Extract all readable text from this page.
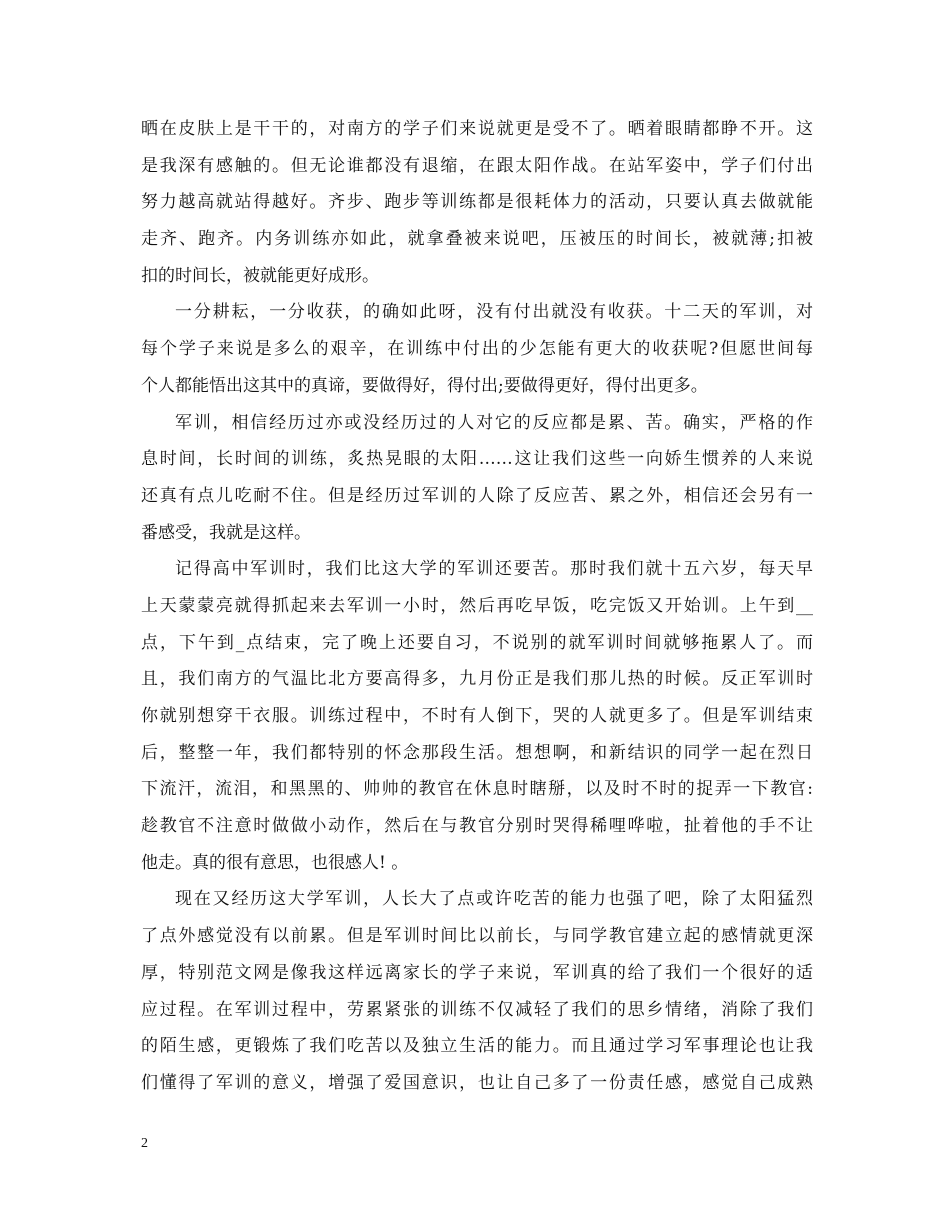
晒在皮肤上是干干的，对南方的学子们来说就更是受不了。晒着眼睛都睁不开。这
是我深有感触的。但无论谁都没有退缩，在跟太阳作战。在站军姿中，学子们付出
努力越高就站得越好。齐步、跑步等训练都是很耗体力的活动，只要认真去做就能
走齐、跑齐。内务训练亦如此，就拿叠被来说吧，压被压的时间长，被就薄;扣被
扣的时间长，被就能更好成形。
一分耕耘，一分收获，的确如此呀，没有付出就没有收获。十二天的军训，对
每个学子来说是多么的艰辛，在训练中付出的少怎能有更大的收获呢?但愿世间每
个人都能悟出这其中的真谛，要做得好，得付出;要做得更好，得付出更多。
军训，相信经历过亦或没经历过的人对它的反应都是累、苦。确实，严格的作
息时间，长时间的训练，炙热晃眼的太阳……这让我们这些一向娇生惯养的人来说
还真有点儿吃耐不住。但是经历过军训的人除了反应苦、累之外，相信还会另有一
番感受，我就是这样。
记得高中军训时，我们比这大学的军训还要苦。那时我们就十五六岁，每天早
上天蒙蒙亮就得抓起来去军训一小时，然后再吃早饭，吃完饭又开始训。上午到__
点，下午到_点结束，完了晚上还要自习，不说别的就军训时间就够拖累人了。而
且，我们南方的气温比北方要高得多，九月份正是我们那儿热的时候。反正军训时
你就别想穿干衣服。训练过程中，不时有人倒下，哭的人就更多了。但是军训结束
后，整整一年，我们都特别的怀念那段生活。想想啊，和新结识的同学一起在烈日
下流汗，流泪，和黑黑的、帅帅的教官在休息时瞎掰，以及时不时的捉弄一下教官:
趁教官不注意时做做小动作，然后在与教官分别时哭得稀哩哗啦，扯着他的手不让
他走。真的很有意思，也很感人! 。
现在又经历这大学军训，人长大了点或许吃苦的能力也强了吧，除了太阳猛烈
了点外感觉没有以前累。但是军训时间比以前长，与同学教官建立起的感情就更深
厚，特别范文网是像我这样远离家长的学子来说，军训真的给了我们一个很好的适
应过程。在军训过程中，劳累紧张的训练不仅减轻了我们的思乡情绪，消除了我们
的陌生感，更锻炼了我们吃苦以及独立生活的能力。而且通过学习军事理论也让我
们懂得了军训的意义，增强了爱国意识，也让自己多了一份责任感，感觉自己成熟
2
